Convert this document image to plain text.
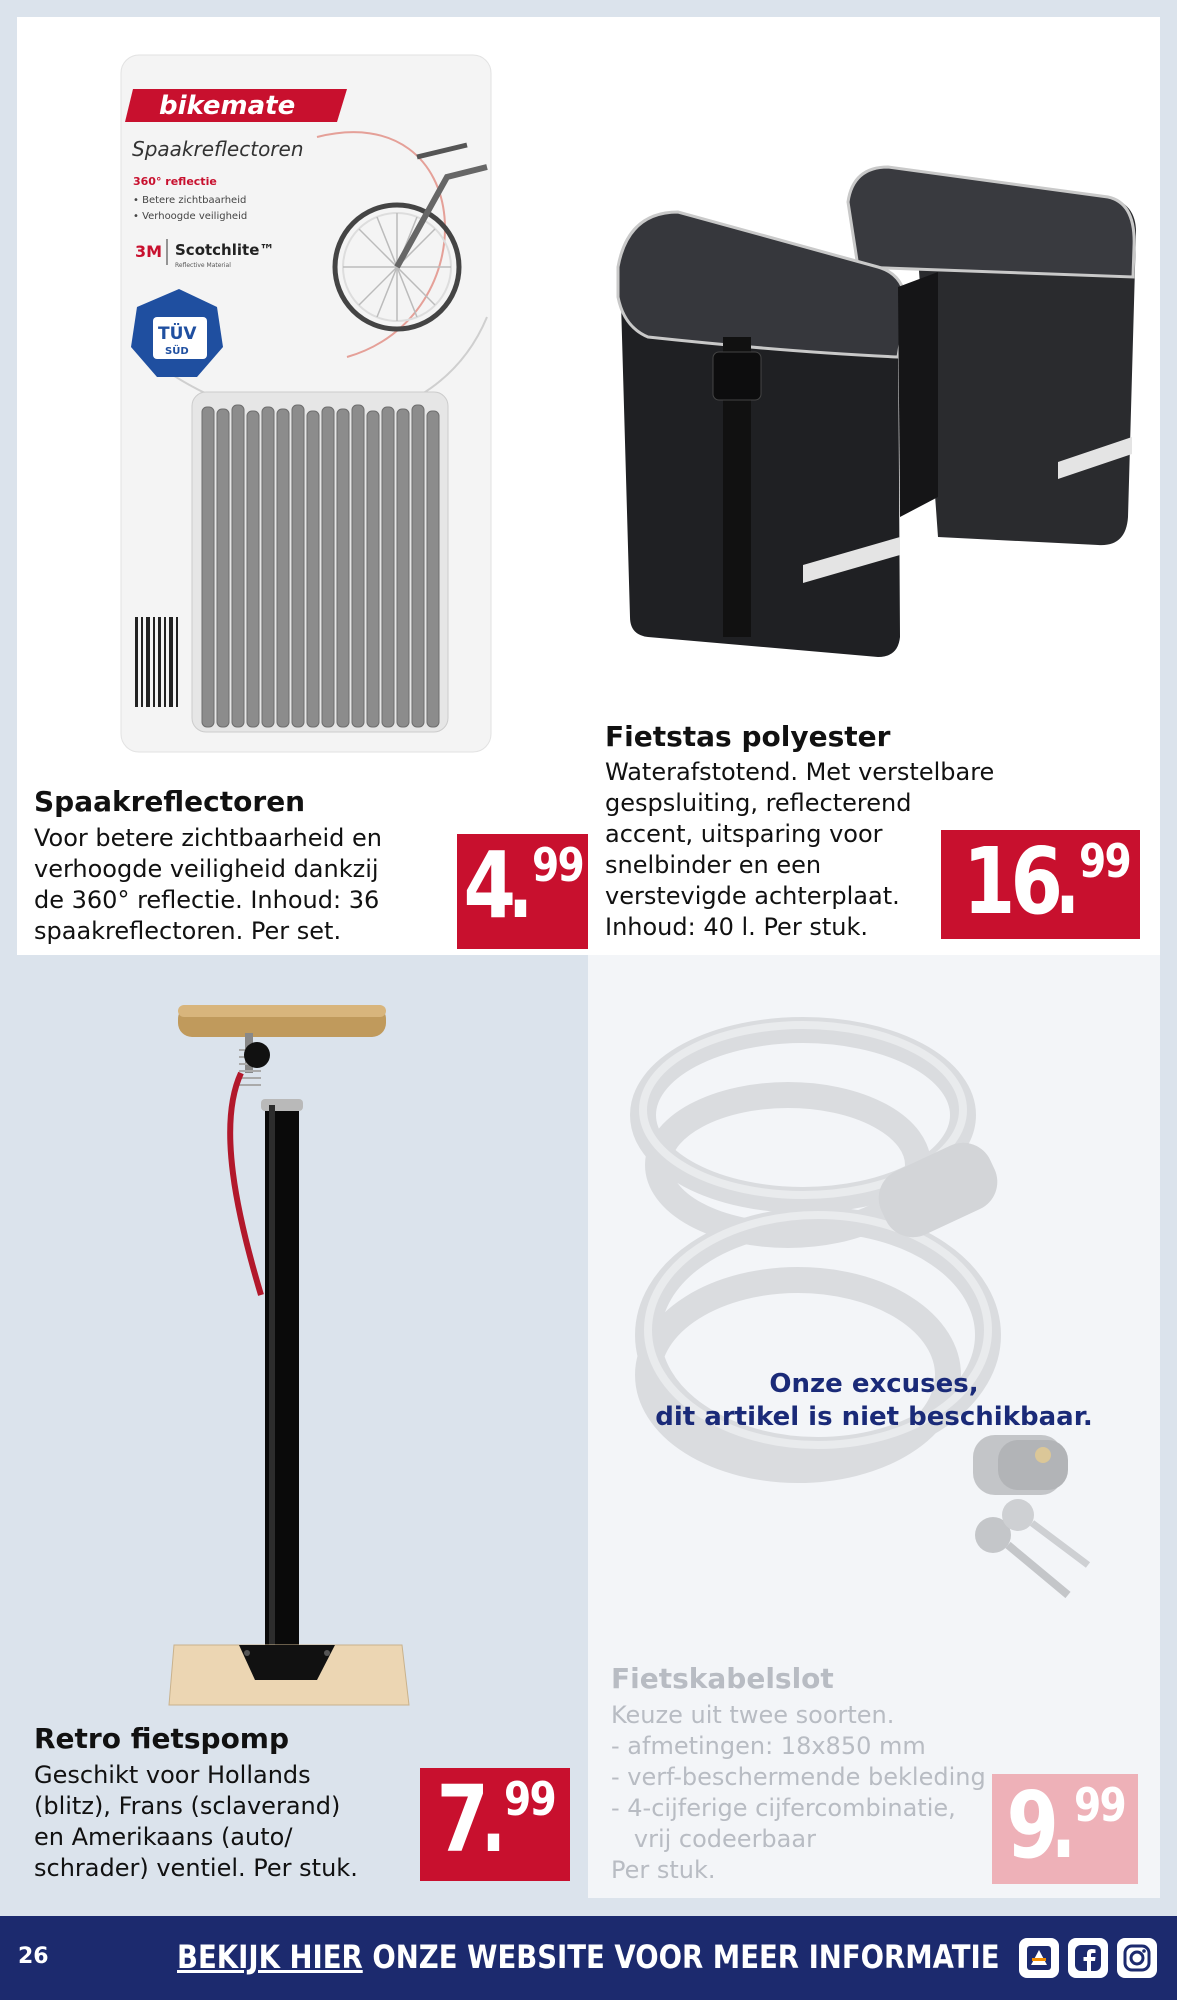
bikemate
Spaakreflectoren
360° reflectie
• Betere zichtbaarheid
• Verhoogde veiligheid
3M Scotchlite™
Reflective Material
TÜV
SÜD
Spaakreflectoren
Voor betere zichtbaarheid en
verhoogde veiligheid dankzij
de 360° reflectie. Inhoud: 36
spaakreflectoren. Per set.	4
. 99
Fietstas polyester
Waterafstotend. Met verstelbare
gespsluiting, reflecterend
accent, uitsparing voor
snelbinder en een
verstevigde achterplaat.
Inhoud: 40 l. Per stuk.	16
. 99
Retro fietspomp
Geschikt voor Hollands
(blitz), Frans (sclaverand)
en Amerikaans (auto/
schrader) ventiel. Per stuk. 7
. 99
Onze excuses,
dit artikel is niet beschikbaar.
Fietskabelslot
Keuze uit twee soorten.
- afmetingen: 18x850 mm
- verf-beschermende bekleding
- 4-cijferige cijfercombinatie,
vrij codeerbaar
Per stuk.	9
. 99
26	BEKIJK HIER ONZE WEBSITE VOOR MEER INFORMATIE
